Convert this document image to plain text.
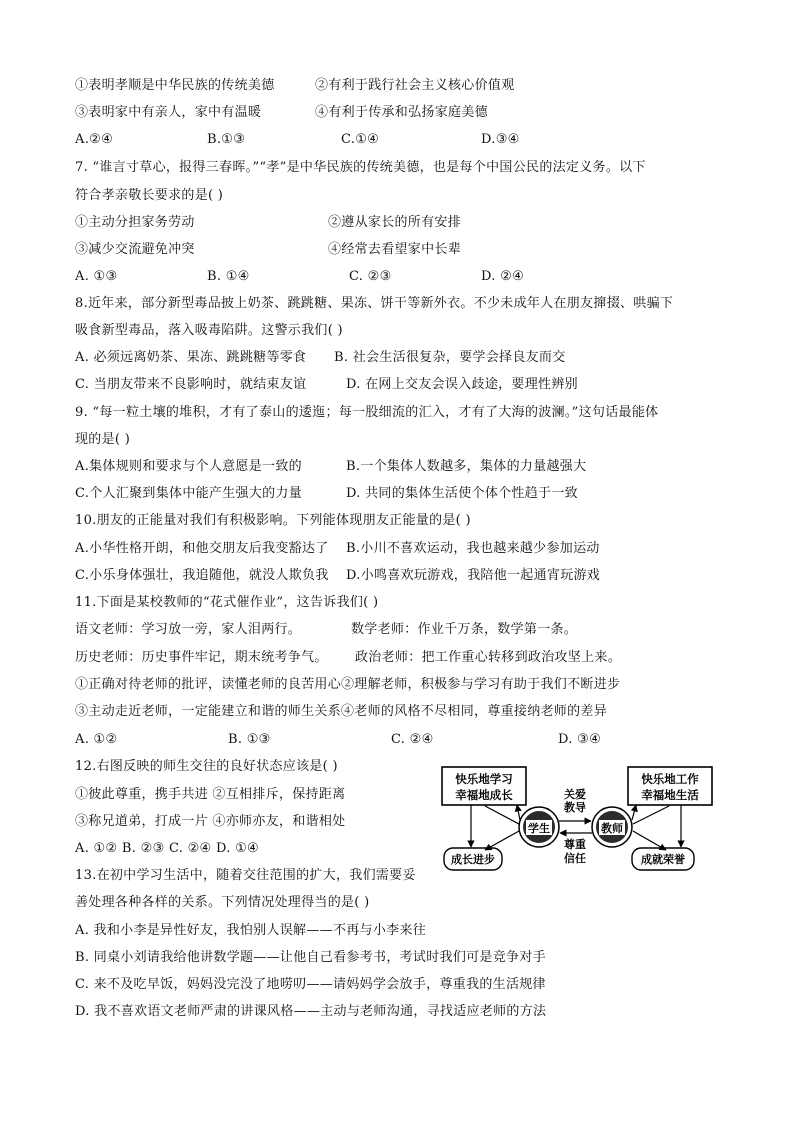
①表明孝顺是中华民族的传统美德	②有利于践行社会主义核心价值观
③表明家中有亲人，家中有温暖	④有利于传承和弘扬家庭美德
A.②④	B.①③	C.①④	D.③④
7. “谁言寸草心，报得三春晖。”“孝”是中华民族的传统美德，也是每个中国公民的法定义务。以下
符合孝亲敬长要求的是( )
①主动分担家务劳动	②遵从家长的所有安排
③减少交流避免冲突	④经常去看望家中长辈
A. ①③	B. ①④	C. ②③	D. ②④
8.近年来，部分新型毒品披上奶茶、跳跳糖、果冻、饼干等新外衣。不少未成年人在朋友撺掇、哄骗下
吸食新型毒品，落入吸毒陷阱。这警示我们( )
A. 必须远离奶茶、果冻、跳跳糖等零食 B. 社会生活很复杂，要学会择良友而交
C. 当朋友带来不良影响时，就结束友谊	D. 在网上交友会误入歧途，要理性辨别
9. “每一粒土壤的堆积，才有了泰山的逶迤；每一股细流的汇入，才有了大海的波澜。”这句话最能体
现的是( )
A.集体规则和要求与个人意愿是一致的	B.一个集体人数越多，集体的力量越强大
C.个人汇聚到集体中能产生强大的力量	D. 共同的集体生活使个体个性趋于一致
10.朋友的正能量对我们有积极影响。下列能体现朋友正能量的是( )
A.小华性格开朗，和他交朋友后我变豁达了 B.小川不喜欢运动，我也越来越少参加运动
C.小乐身体强壮，我追随他，就没人欺负我 D.小鸣喜欢玩游戏，我陪他一起通宵玩游戏
11.下面是某校教师的“花式催作业”，这告诉我们( )
语文老师：学习放一旁，家人泪两行。	数学老师：作业千万条，数学第一条。
历史老师：历史事件牢记，期末统考争气。 政治老师：把工作重心转移到政治攻坚上来。
①正确对待老师的批评，读懂老师的良苦用心②理解老师，积极参与学习有助于我们不断进步
③主动走近老师，一定能建立和谐的师生关系④老师的风格不尽相同，尊重接纳老师的差异
A. ①②	B. ①③	C. ②④	D. ③④
12.右图反映的师生交往的良好状态应该是( )
①彼此尊重，携手共进 ②互相排斥，保持距离
③称兄道弟，打成一片 ④亦师亦友，和谐相处
A. ①② B. ②③ C. ②④ D. ①④
快乐地学习
幸福地成长
快乐地工作
幸福地生活
成长进步	成就荣誉
学生	教师
关爱
教导
尊重
信任
13.在初中学习生活中，随着交往范围的扩大，我们需要妥
善处理各种各样的关系。下列情况处理得当的是( )
A. 我和小李是异性好友，我怕别人误解——不再与小李来往
B. 同桌小刘请我给他讲数学题——让他自己看参考书，考试时我们可是竞争对手
C. 来不及吃早饭，妈妈没完没了地唠叨——请妈妈学会放手，尊重我的生活规律
D. 我不喜欢语文老师严肃的讲课风格——主动与老师沟通，寻找适应老师的方法
